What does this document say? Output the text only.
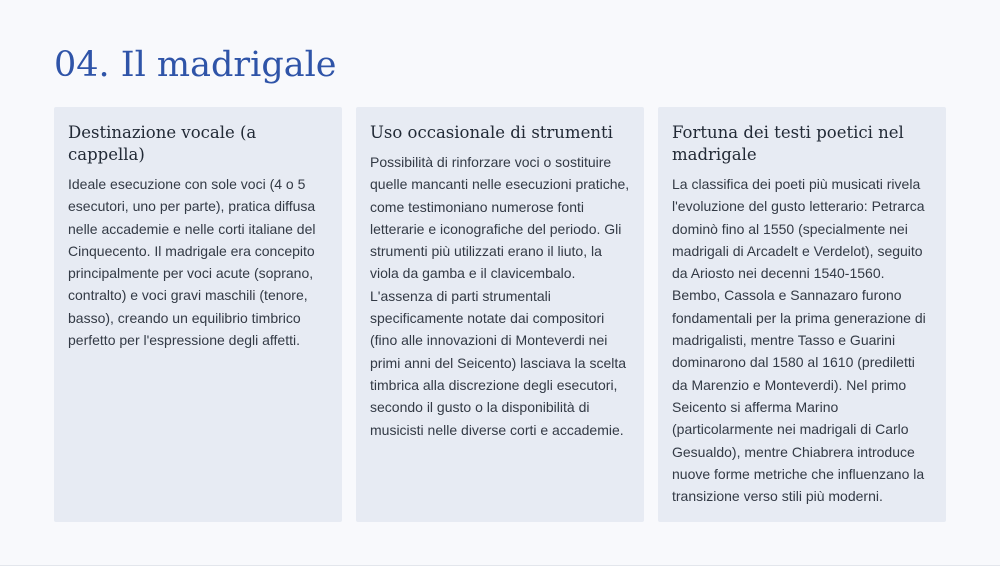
04. Il madrigale
Destinazione vocale (a cappella)

Ideale esecuzione con sole voci (4 o 5 esecutori, uno per parte), pratica diffusa nelle accademie e nelle corti italiane del Cinquecento. Il madrigale era concepito principalmente per voci acute (soprano, contralto) e voci gravi maschili (tenore, basso), creando un equilibrio timbrico perfetto per l'espressione degli affetti.

Uso occasionale di strumenti

Possibilità di rinforzare voci o sostituire quelle mancanti nelle esecuzioni pratiche, come testimoniano numerose fonti letterarie e iconografiche del periodo. Gli strumenti più utilizzati erano il liuto, la viola da gamba e il clavicembalo. L'assenza di parti strumentali specificamente notate dai compositori (fino alle innovazioni di Monteverdi nei primi anni del Seicento) lasciava la scelta timbrica alla discrezione degli esecutori, secondo il gusto o la disponibilità di musicisti nelle diverse corti e accademie.

Fortuna dei testi poetici nel madrigale

La classifica dei poeti più musicati rivela l'evoluzione del gusto letterario: Petrarca dominò fino al 1550 (specialmente nei madrigali di Arcadelt e Verdelot), seguito da Ariosto nei decenni 1540-1560. Bembo, Cassola e Sannazaro furono fondamentali per la prima generazione di madrigalisti, mentre Tasso e Guarini dominarono dal 1580 al 1610 (prediletti da Marenzio e Monteverdi). Nel primo Seicento si afferma Marino (particolarmente nei madrigali di Carlo Gesualdo), mentre Chiabrera introduce nuove forme metriche che influenzano la transizione verso stili più moderni.
